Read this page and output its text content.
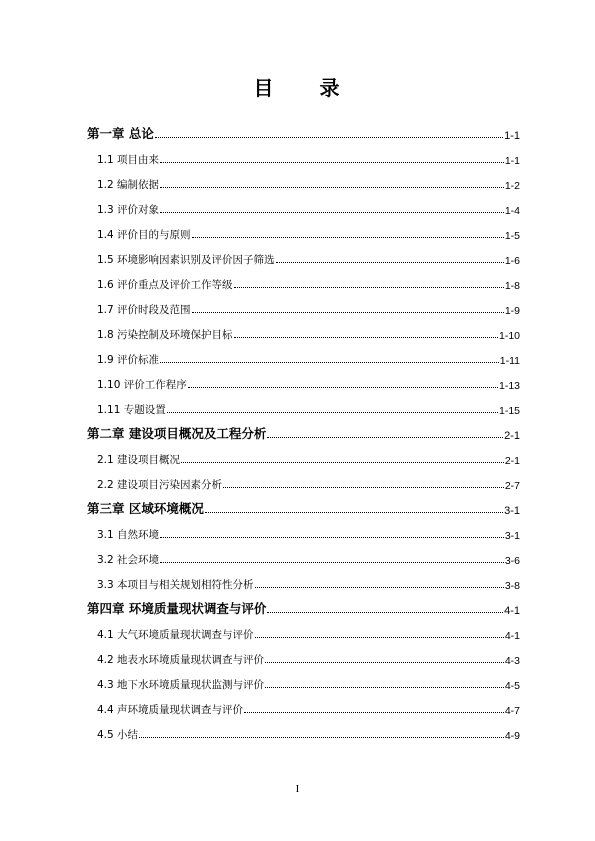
目　　录
第一章 总论	1-1
1.1 项目由来	1-1
1.2 编制依据	1-2
1.3 评价对象	1-4
1.4 评价目的与原则	1-5
1.5 环境影响因素识别及评价因子筛选	1-6
1.6 评价重点及评价工作等级	1-8
1.7 评价时段及范围	1-9
1.8 污染控制及环境保护目标	1-10
1.9 评价标准	1-11
1.10 评价工作程序	1-13
1.11 专题设置	1-15
第二章 建设项目概况及工程分析	2-1
2.1 建设项目概况	2-1
2.2 建设项目污染因素分析	2-7
第三章 区域环境概况	3-1
3.1 自然环境	3-1
3.2 社会环境	3-6
3.3 本项目与相关规划相符性分析	3-8
第四章 环境质量现状调查与评价	4-1
4.1 大气环境质量现状调查与评价	4-1
4.2 地表水环境质量现状调查与评价	4-3
4.3 地下水环境质量现状监测与评价	4-5
4.4 声环境质量现状调查与评价	4-7
4.5 小结	4-9
I
